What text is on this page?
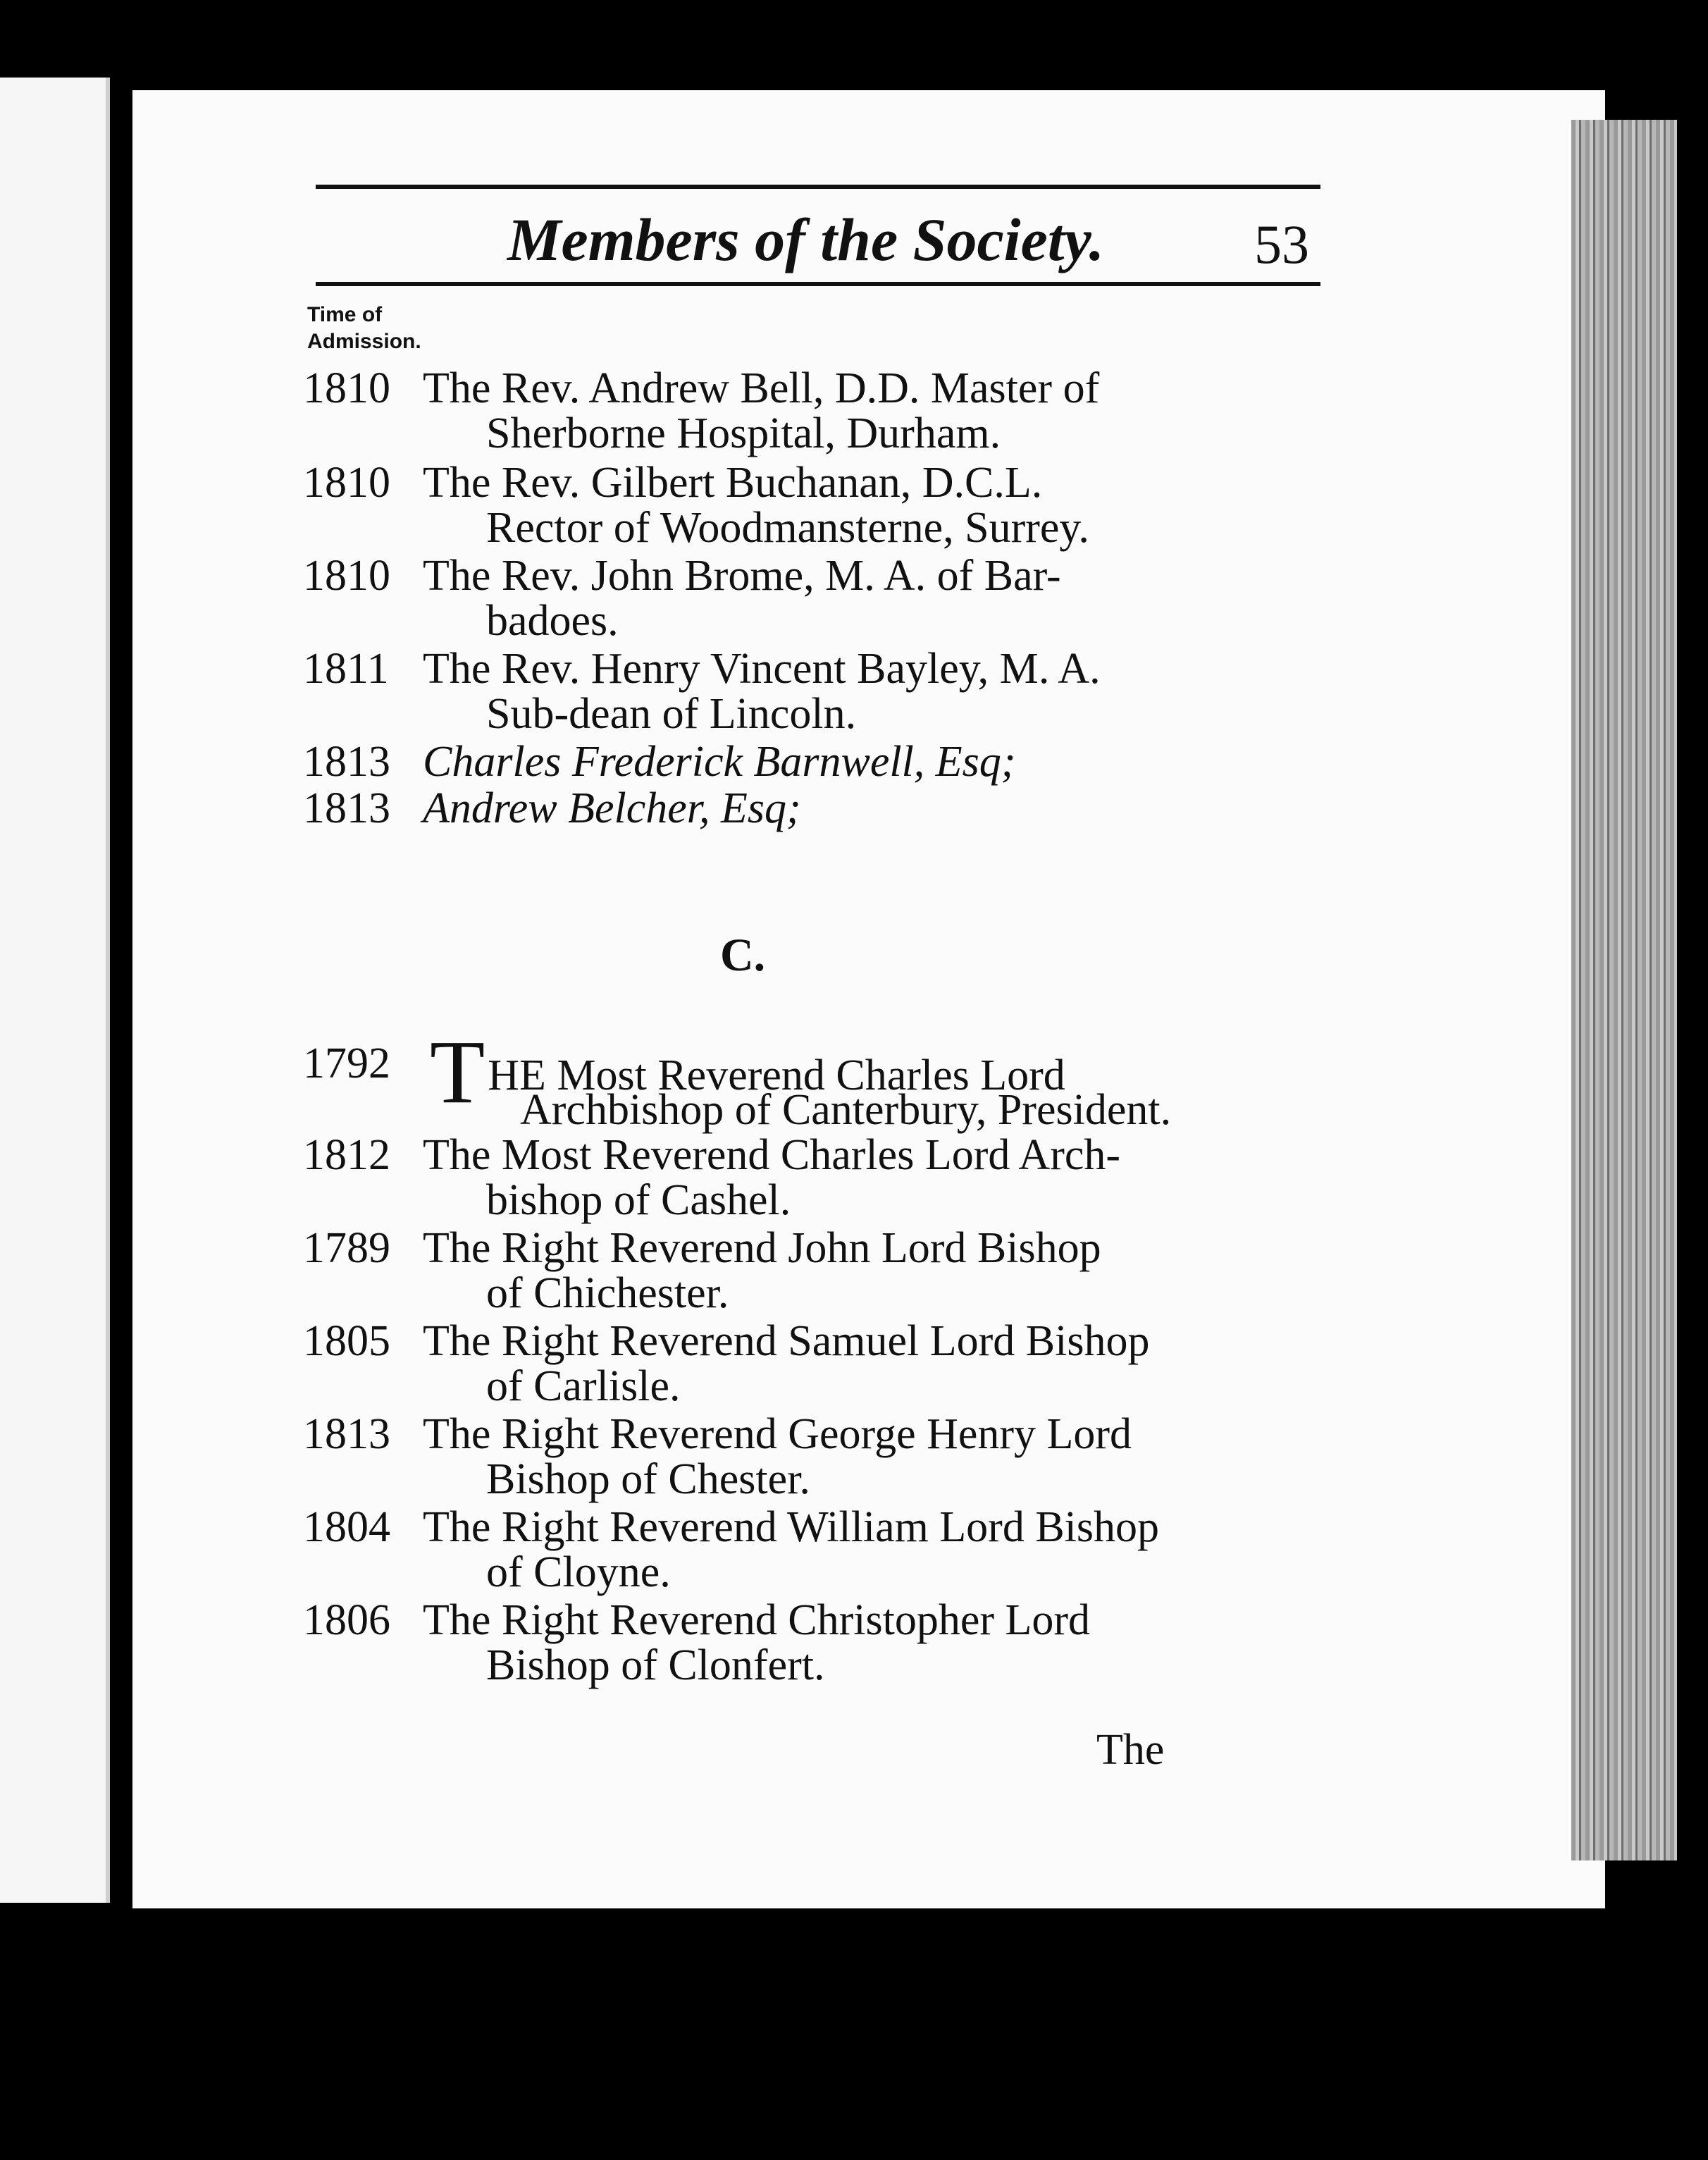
Members of the Society.	53
Time of
Admission.
1810 The Rev. Andrew Bell, D.D. Master of
Sherborne Hospital, Durham.
1810 The Rev. Gilbert Buchanan, D.C.L.
Rector of Woodmansterne, Surrey.
1810 The Rev. John Brome, M. A. of Bar-
badoes.
1811 The Rev. Henry Vincent Bayley, M. A.
Sub-dean of Lincoln.
1813 Charles Frederick Barnwell, Esq;
1813 Andrew Belcher, Esq;
C.
1792 THE Most Reverend Charles Lord
Archbishop of Canterbury, President.
1812 The Most Reverend Charles Lord Arch-
bishop of Cashel.
1789 The Right Reverend John Lord Bishop
of Chichester.
1805 The Right Reverend Samuel Lord Bishop
of Carlisle.
1813 The Right Reverend George Henry Lord
Bishop of Chester.
1804 The Right Reverend William Lord Bishop
of Cloyne.
1806 The Right Reverend Christopher Lord
Bishop of Clonfert.
The
